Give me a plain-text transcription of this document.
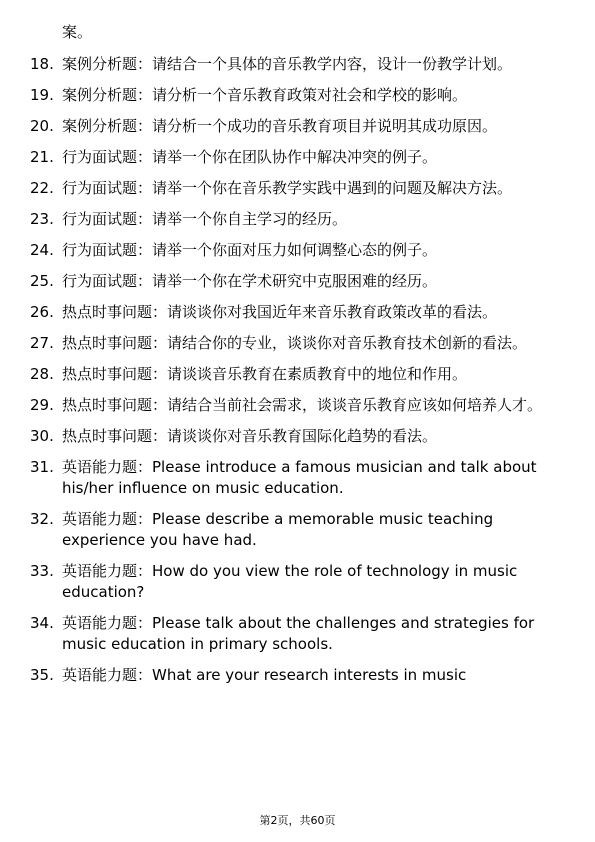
案。
18. 案例分析题：请结合一个具体的音乐教学内容，设计一份教学计划。
19. 案例分析题：请分析一个音乐教育政策对社会和学校的影响。
20. 案例分析题：请分析一个成功的音乐教育项目并说明其成功原因。
21. 行为面试题：请举一个你在团队协作中解决冲突的例子。
22. 行为面试题：请举一个你在音乐教学实践中遇到的问题及解决方法。
23. 行为面试题：请举一个你自主学习的经历。
24. 行为面试题：请举一个你面对压力如何调整心态的例子。
25. 行为面试题：请举一个你在学术研究中克服困难的经历。
26. 热点时事问题：请谈谈你对我国近年来音乐教育政策改革的看法。
27. 热点时事问题：请结合你的专业，谈谈你对音乐教育技术创新的看法。
28. 热点时事问题：请谈谈音乐教育在素质教育中的地位和作用。
29. 热点时事问题：请结合当前社会需求，谈谈音乐教育应该如何培养人才。
30. 热点时事问题：请谈谈你对音乐教育国际化趋势的看法。
31. 英语能力题：Please introduce a famous musician and talk about his/her influence on music education.
32. 英语能力题：Please describe a memorable music teaching experience you have had.
33. 英语能力题：How do you view the role of technology in music education?
34. 英语能力题：Please talk about the challenges and strategies for music education in primary schools.
35. 英语能力题：What are your research interests in music
第2页，共60页
